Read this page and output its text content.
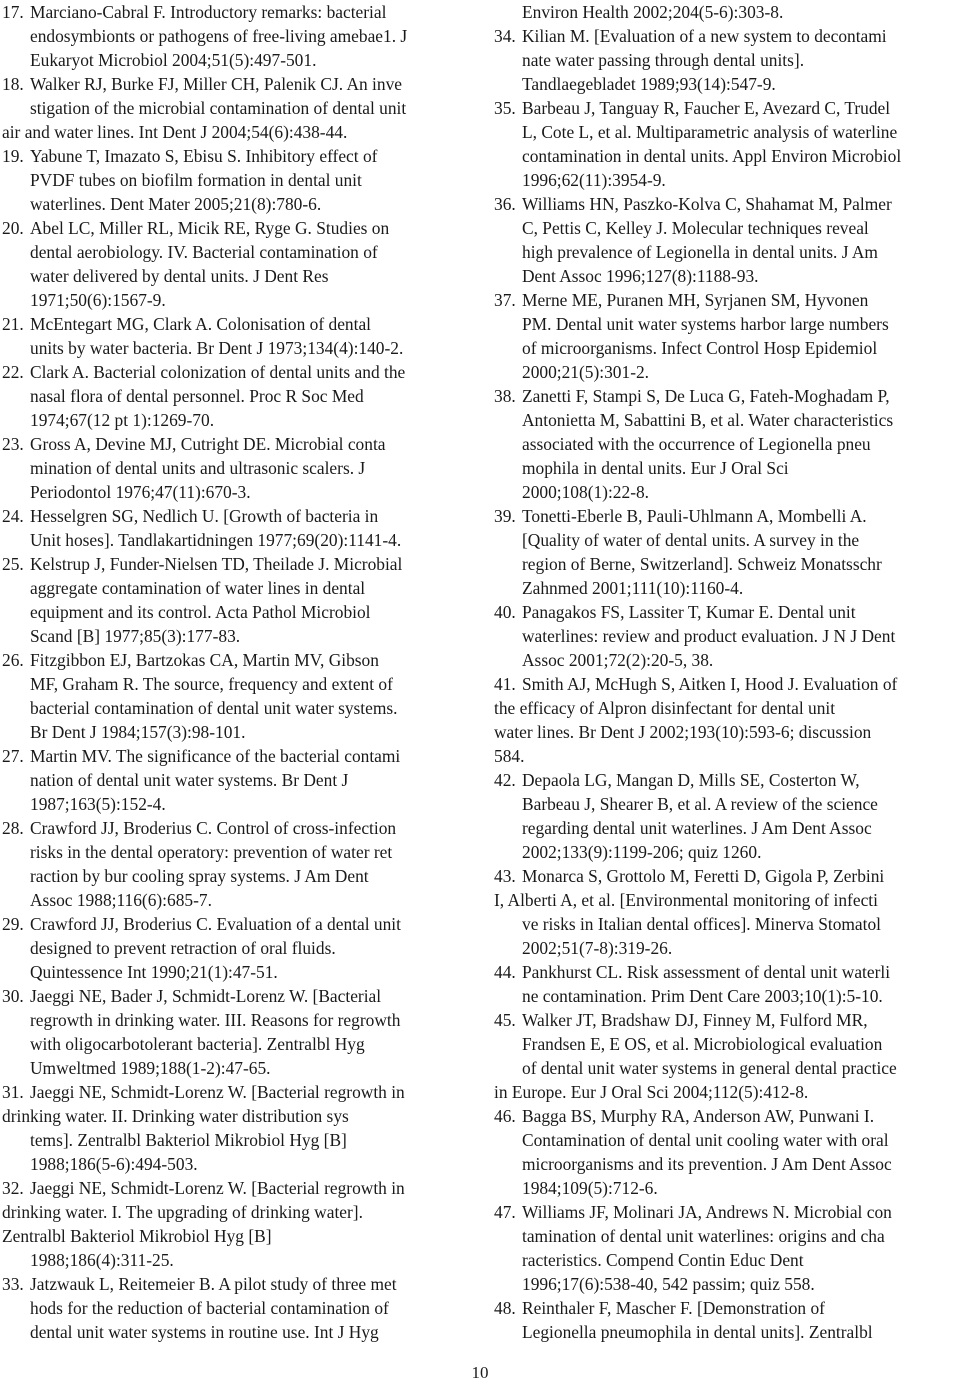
17. Marciano-Cabral F. Introductory remarks: bacterial
endosymbionts or pathogens of free-living amebae1. J
Eukaryot Microbiol 2004;51(5):497-501.

18. Walker RJ, Burke FJ, Miller CH, Palenik CJ. An inve
stigation of the microbial contamination of dental unit
air and water lines. Int Dent J 2004;54(6):438-44.

19. Yabune T, Imazato S, Ebisu S. Inhibitory effect of
PVDF tubes on biofilm formation in dental unit
waterlines. Dent Mater 2005;21(8):780-6.

20. Abel LC, Miller RL, Micik RE, Ryge G. Studies on
dental aerobiology. IV. Bacterial contamination of
water delivered by dental units. J Dent Res
1971;50(6):1567-9.

21. McEntegart MG, Clark A. Colonisation of dental
units by water bacteria. Br Dent J 1973;134(4):140-2.

22. Clark A. Bacterial colonization of dental units and the
nasal flora of dental personnel. Proc R Soc Med
1974;67(12 pt 1):1269-70.

23. Gross A, Devine MJ, Cutright DE. Microbial conta
mination of dental units and ultrasonic scalers. J
Periodontol 1976;47(11):670-3.

24. Hesselgren SG, Nedlich U. [Growth of bacteria in
Unit hoses]. Tandlakartidningen 1977;69(20):1141-4.

25. Kelstrup J, Funder-Nielsen TD, Theilade J. Microbial
aggregate contamination of water lines in dental
equipment and its control. Acta Pathol Microbiol
Scand [B] 1977;85(3):177-83.

26. Fitzgibbon EJ, Bartzokas CA, Martin MV, Gibson
MF, Graham R. The source, frequency and extent of
bacterial contamination of dental unit water systems.
Br Dent J 1984;157(3):98-101.

27. Martin MV. The significance of the bacterial contami
nation of dental unit water systems. Br Dent J
1987;163(5):152-4.

28. Crawford JJ, Broderius C. Control of cross-infection
risks in the dental operatory: prevention of water ret
raction by bur cooling spray systems. J Am Dent
Assoc 1988;116(6):685-7.

29. Crawford JJ, Broderius C. Evaluation of a dental unit
designed to prevent retraction of oral fluids.
Quintessence Int 1990;21(1):47-51.

30. Jaeggi NE, Bader J, Schmidt-Lorenz W. [Bacterial
regrowth in drinking water. III. Reasons for regrowth
with oligocarbotolerant bacteria]. Zentralbl Hyg
Umweltmed 1989;188(1-2):47-65.

31. Jaeggi NE, Schmidt-Lorenz W. [Bacterial regrowth in
drinking water. II. Drinking water distribution sys
tems]. Zentralbl Bakteriol Mikrobiol Hyg [B]
1988;186(5-6):494-503.

32. Jaeggi NE, Schmidt-Lorenz W. [Bacterial regrowth in
drinking water. I. The upgrading of drinking water].
Zentralbl Bakteriol Mikrobiol Hyg [B]
1988;186(4):311-25.

33. Jatzwauk L, Reitemeier B. A pilot study of three met
hods for the reduction of bacterial contamination of
dental unit water systems in routine use. Int J Hyg

Environ Health 2002;204(5-6):303-8.

34. Kilian M. [Evaluation of a new system to decontami
nate water passing through dental units].
Tandlaegebladet 1989;93(14):547-9.

35. Barbeau J, Tanguay R, Faucher E, Avezard C, Trudel
L, Cote L, et al. Multiparametric analysis of waterline
contamination in dental units. Appl Environ Microbiol
1996;62(11):3954-9.

36. Williams HN, Paszko-Kolva C, Shahamat M, Palmer
C, Pettis C, Kelley J. Molecular techniques reveal
high prevalence of Legionella in dental units. J Am
Dent Assoc 1996;127(8):1188-93.

37. Merne ME, Puranen MH, Syrjanen SM, Hyvonen
PM. Dental unit water systems harbor large numbers
of microorganisms. Infect Control Hosp Epidemiol
2000;21(5):301-2.

38. Zanetti F, Stampi S, De Luca G, Fateh-Moghadam P,
Antonietta M, Sabattini B, et al. Water characteristics
associated with the occurrence of Legionella pneu
mophila in dental units. Eur J Oral Sci
2000;108(1):22-8.

39. Tonetti-Eberle B, Pauli-Uhlmann A, Mombelli A.
[Quality of water of dental units. A survey in the
region of Berne, Switzerland]. Schweiz Monatsschr
Zahnmed 2001;111(10):1160-4.

40. Panagakos FS, Lassiter T, Kumar E. Dental unit
waterlines: review and product evaluation. J N J Dent
Assoc 2001;72(2):20-5, 38.

41. Smith AJ, McHugh S, Aitken I, Hood J. Evaluation of
the efficacy of Alpron disinfectant for dental unit
water lines. Br Dent J 2002;193(10):593-6; discussion
584.

42. Depaola LG, Mangan D, Mills SE, Costerton W,
Barbeau J, Shearer B, et al. A review of the science
regarding dental unit waterlines. J Am Dent Assoc
2002;133(9):1199-206; quiz 1260.

43. Monarca S, Grottolo M, Feretti D, Gigola P, Zerbini
I, Alberti A, et al. [Environmental monitoring of infecti
ve risks in Italian dental offices]. Minerva Stomatol
2002;51(7-8):319-26.

44. Pankhurst CL. Risk assessment of dental unit waterli
ne contamination. Prim Dent Care 2003;10(1):5-10.

45. Walker JT, Bradshaw DJ, Finney M, Fulford MR,
Frandsen E, E OS, et al. Microbiological evaluation
of dental unit water systems in general dental practice
in Europe. Eur J Oral Sci 2004;112(5):412-8.

46. Bagga BS, Murphy RA, Anderson AW, Punwani I.
Contamination of dental unit cooling water with oral
microorganisms and its prevention. J Am Dent Assoc
1984;109(5):712-6.

47. Williams JF, Molinari JA, Andrews N. Microbial con
tamination of dental unit waterlines: origins and cha
racteristics. Compend Contin Educ Dent
1996;17(6):538-40, 542 passim; quiz 558.

48. Reinthaler F, Mascher F. [Demonstration of
Legionella pneumophila in dental units]. Zentralbl

10
